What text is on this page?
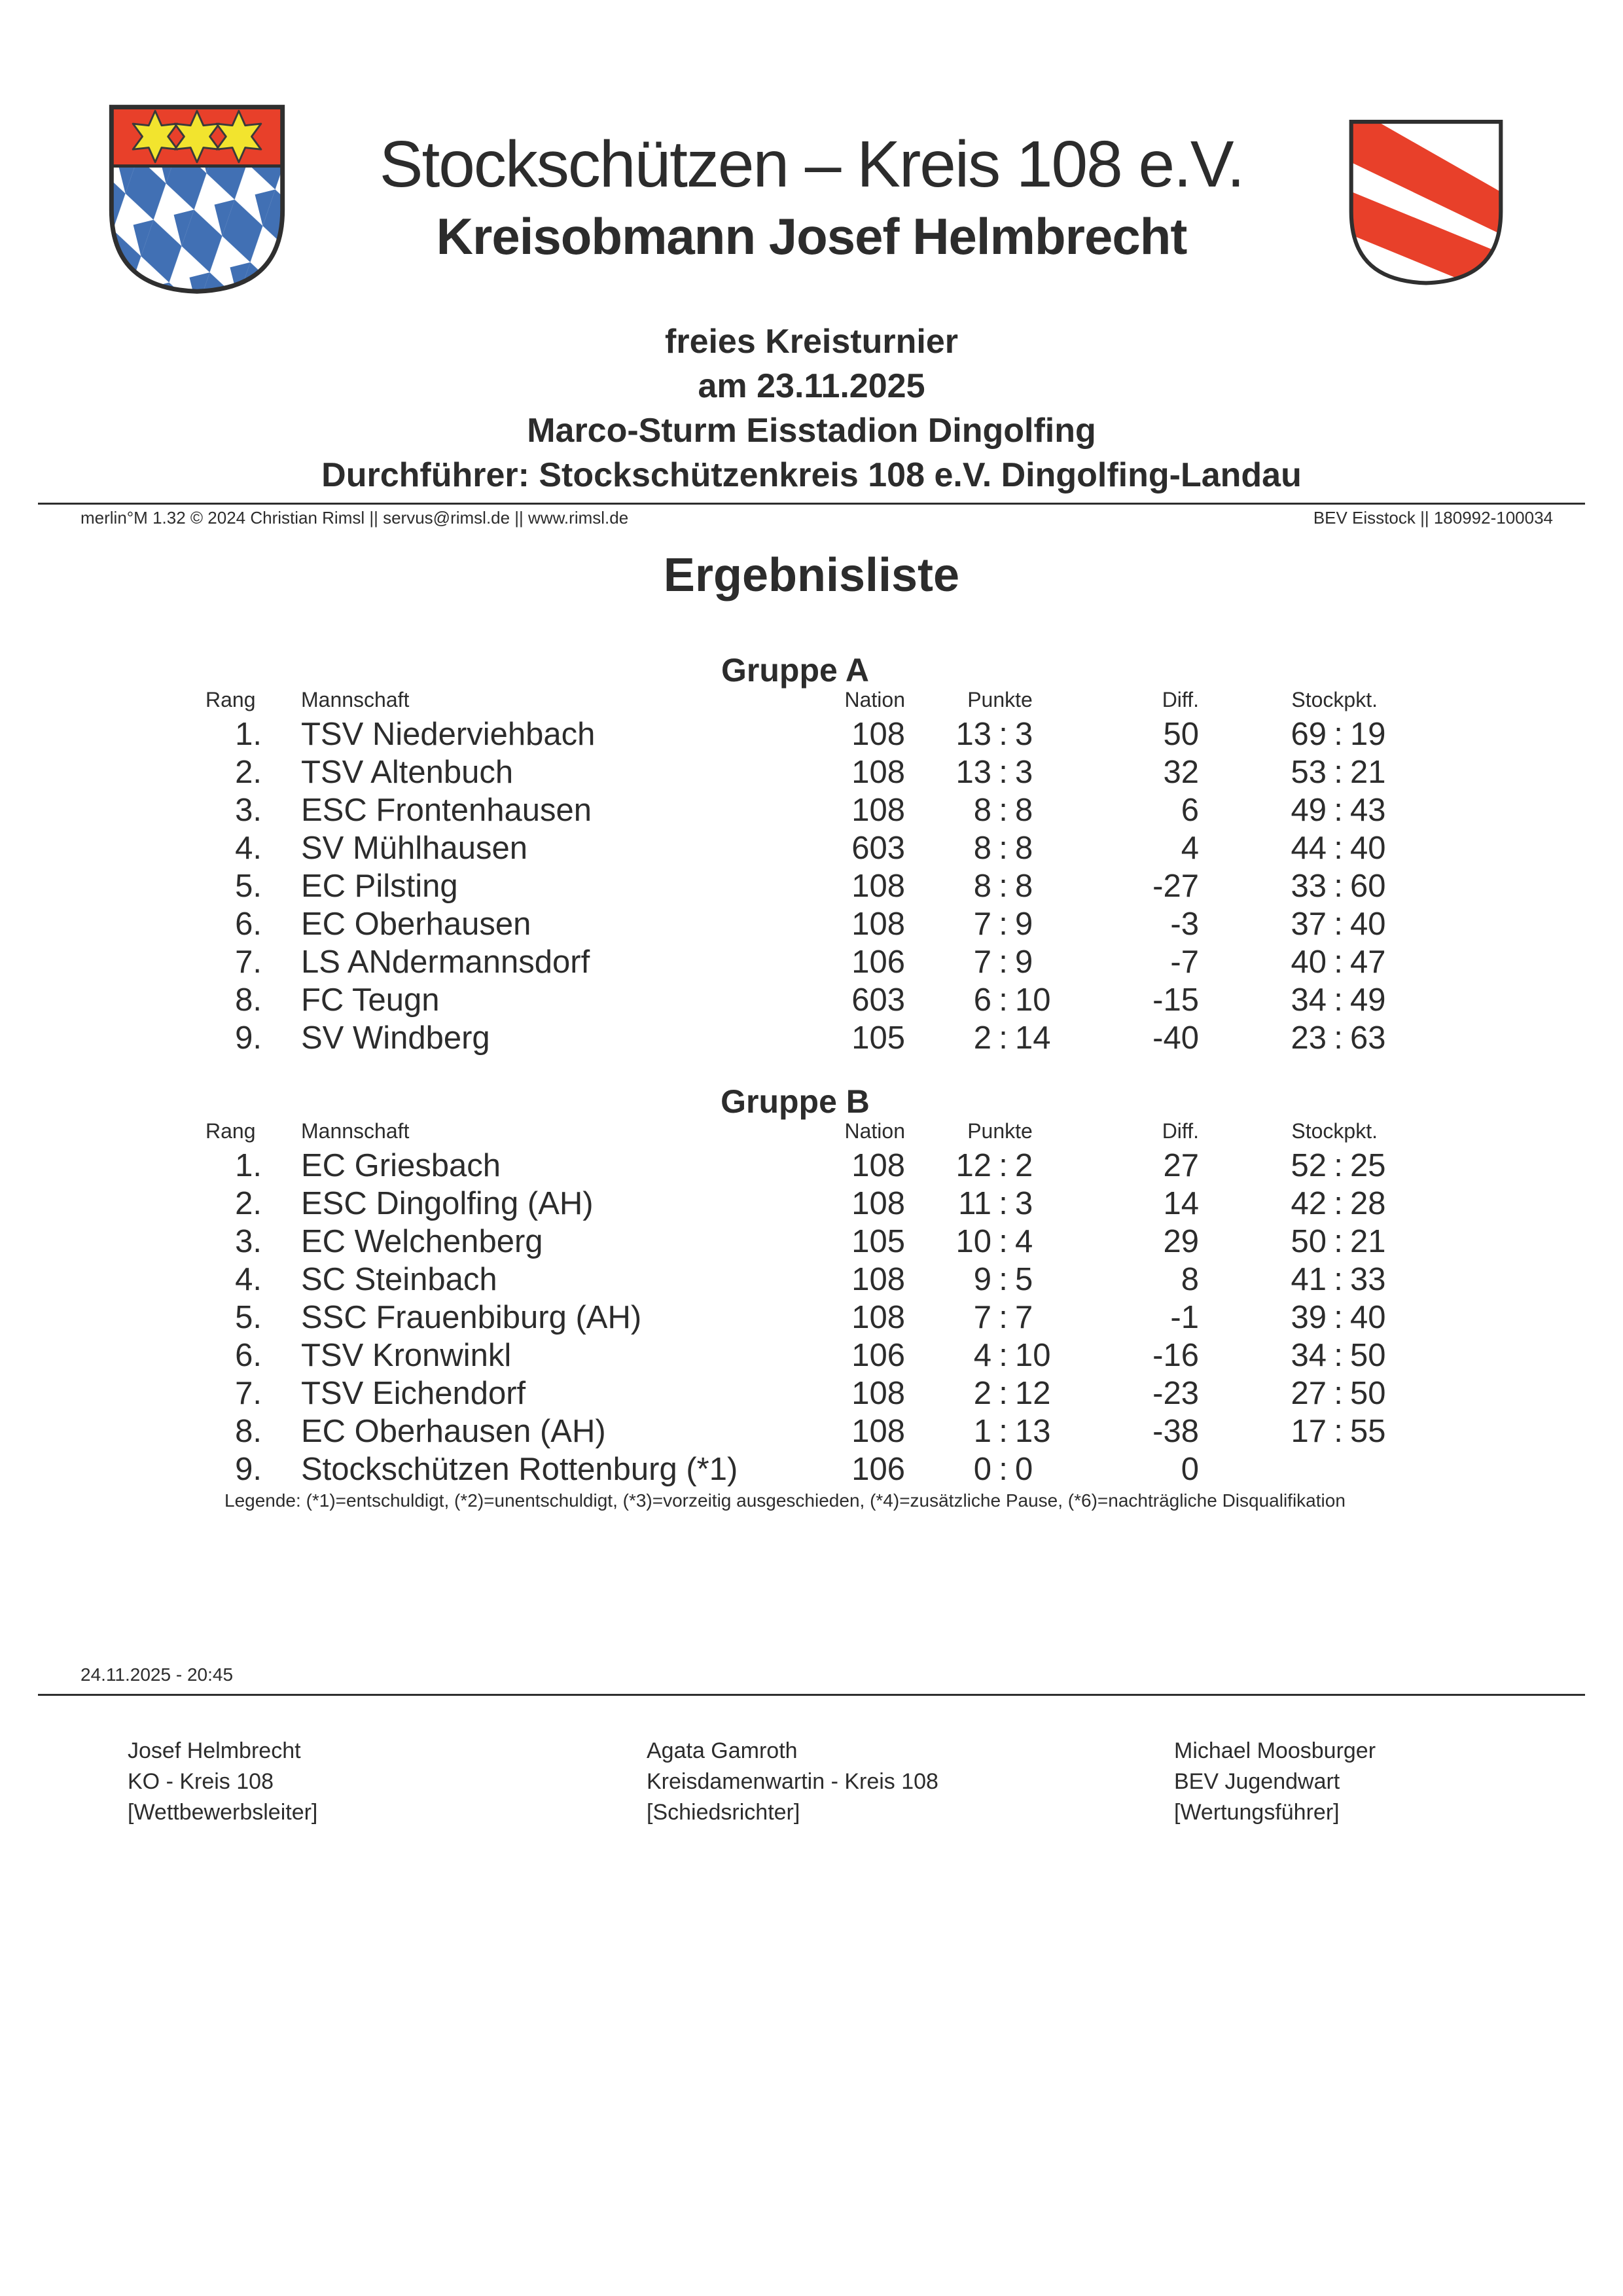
Stockschützen – Kreis 108 e.V.
Kreisobmann Josef Helmbrecht
freies Kreisturnier
am 23.11.2025
Marco-Sturm Eisstadion Dingolfing
Durchführer: Stockschützenkreis 108 e.V. Dingolfing-Landau
merlin°M 1.32 © 2024 Christian Rimsl || servus@rimsl.de || www.rimsl.de	BEV Eisstock || 180992-100034
Ergebnisliste
Gruppe A
Rang Mannschaft	Nation	Punkte	Diff.	Stockpkt.
1. TSV Niederviehbach	108	13 : 3	50	69 : 19
2. TSV Altenbuch	108	13 : 3	32	53 : 21
3. ESC Frontenhausen	108	8 : 8	6	49 : 43
4. SV Mühlhausen	603	8 : 8	4	44 : 40
5. EC Pilsting	108	8 : 8	-27	33 : 60
6. EC Oberhausen	108	7 : 9	-3	37 : 40
7. LS ANdermannsdorf	106	7 : 9	-7	40 : 47
8. FC Teugn	603	6 : 10	-15	34 : 49
9. SV Windberg	105	2 : 14	-40	23 : 63
Gruppe B
Rang Mannschaft	Nation	Punkte	Diff.	Stockpkt.
1. EC Griesbach	108	12 : 2	27	52 : 25
2. ESC Dingolfing (AH)	108	11 : 3	14	42 : 28
3. EC Welchenberg	105	10 : 4	29	50 : 21
4. SC Steinbach	108	9 : 5	8	41 : 33
5. SSC Frauenbiburg (AH)	108	7 : 7	-1	39 : 40
6. TSV Kronwinkl	106	4 : 10	-16	34 : 50
7. TSV Eichendorf	108	2 : 12	-23	27 : 50
8. EC Oberhausen (AH)	108	1 : 13	-38	17 : 55
9. Stockschützen Rottenburg (*1)	106	0 : 0	0
Legende: (*1)=entschuldigt, (*2)=unentschuldigt, (*3)=vorzeitig ausgeschieden, (*4)=zusätzliche Pause, (*6)=nachträgliche Disqualifikation
24.11.2025 - 20:45
Josef Helmbrecht
KO - Kreis 108
[Wettbewerbsleiter]
Agata Gamroth
Kreisdamenwartin - Kreis 108
[Schiedsrichter]
Michael Moosburger
BEV Jugendwart
[Wertungsführer]
